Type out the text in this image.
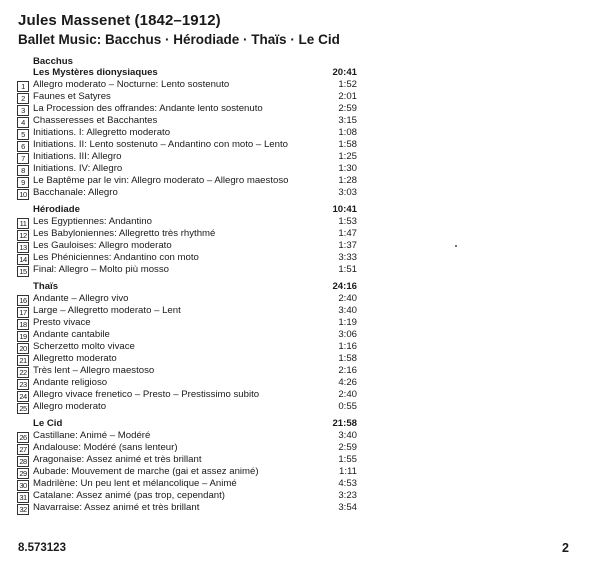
Jules Massenet (1842–1912)
Ballet Music: Bacchus · Hérodiade · Thaïs · Le Cid
Bacchus
Les Mystères dionysiaques	20:41
1 Allegro moderato – Nocturne: Lento sostenuto	1:52
2 Faunes et Satyres	2:01
3 La Procession des offrandes: Andante lento sostenuto	2:59
4 Chasseresses et Bacchantes	3:15
5 Initiations. I: Allegretto moderato	1:08
6 Initiations. II: Lento sostenuto – Andantino con moto – Lento	1:58
7 Initiations. III: Allegro	1:25
8 Initiations. IV: Allegro	1:30
9 Le Baptême par le vin: Allegro moderato – Allegro maestoso	1:28
10 Bacchanale: Allegro	3:03
Hérodiade	10:41
11 Les Egyptiennes: Andantino	1:53
12 Les Babyloniennes: Allegretto très rhythmé	1:47
13 Les Gauloises: Allegro moderato	1:37
14 Les Phéniciennes: Andantino con moto	3:33
15 Final: Allegro – Molto più mosso	1:51
Thaïs	24:16
16 Andante – Allegro vivo	2:40
17 Large – Allegretto moderato – Lent	3:40
18 Presto vivace	1:19
19 Andante cantabile	3:06
20 Scherzetto molto vivace	1:16
21 Allegretto moderato	1:58
22 Très lent – Allegro maestoso	2:16
23 Andante religioso	4:26
24 Allegro vivace frenetico – Presto – Prestissimo subito	2:40
25 Allegro moderato	0:55
Le Cid	21:58
26 Castillane: Animé – Modéré	3:40
27 Andalouse: Modéré (sans lenteur)	2:59
28 Aragonaise: Assez animé et très brillant	1:55
29 Aubade: Mouvement de marche (gai et assez animé)	1:11
30 Madrilène: Un peu lent et mélancolique – Animé	4:53
31 Catalane: Assez animé (pas trop, cependant)	3:23
32 Navarraise: Assez animé et très brillant	3:54
8.573123	2
